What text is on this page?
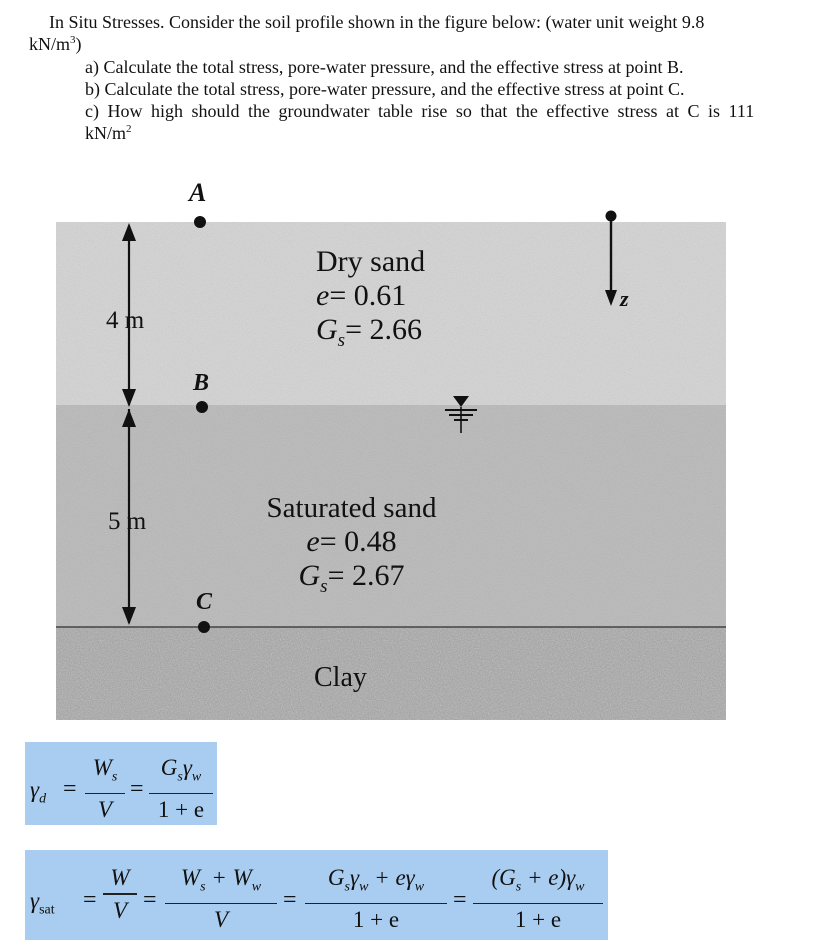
In Situ Stresses. Consider the soil profile shown in the figure below: (water unit weight 9.8
$kN/m^3$)
a) Calculate the total stress, pore-water pressure, and the effective stress at point B.
b) Calculate the total stress, pore-water pressure, and the effective stress at point C.
c) How high should the groundwater table rise so that the effective stress at C is 111
$kN/m^2$
A
B
C
z
4 m
5 m
Dry sand
e= 0.61
$G_s= 2.66$
Saturated sand
e= 0.48
$G_s= 2.67$
Clay
$\gamma_d$ =
$W_s$
V
=
$G_s\gamma_w$
1 + e
$\gamma_{sat}$ =
W
V =
$W_s + W_w$
V
=
$G_s\gamma_w + e\gamma_w$
1 + e
=
$(G_s + e)\gamma_w$
1 + e
